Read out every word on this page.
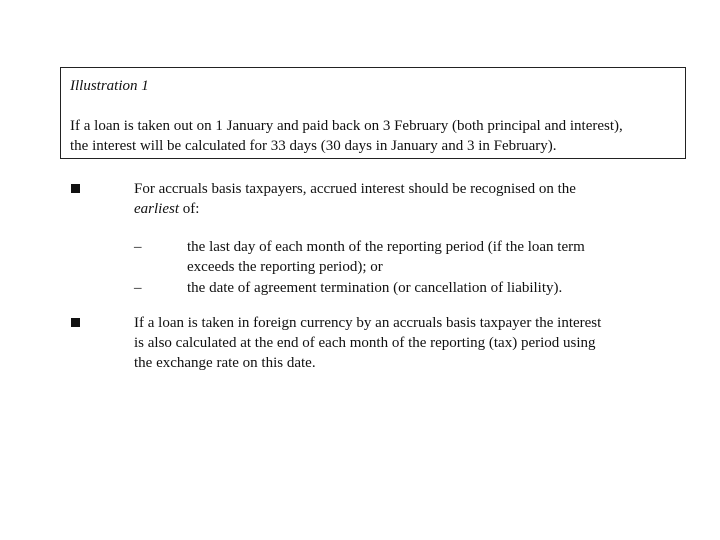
Illustration 1
If a loan is taken out on 1 January and paid back on 3 February (both principal and interest),
the interest will be calculated for 33 days (30 days in January and 3 in February).
For accruals basis taxpayers, accrued interest should be recognised on the
earliest of:
–	the last day of each month of the reporting period (if the loan term
exceeds the reporting period); or
–	the date of agreement termination (or cancellation of liability).
If a loan is taken in foreign currency by an accruals basis taxpayer the interest
is also calculated at the end of each month of the reporting (tax) period using
the exchange rate on this date.
